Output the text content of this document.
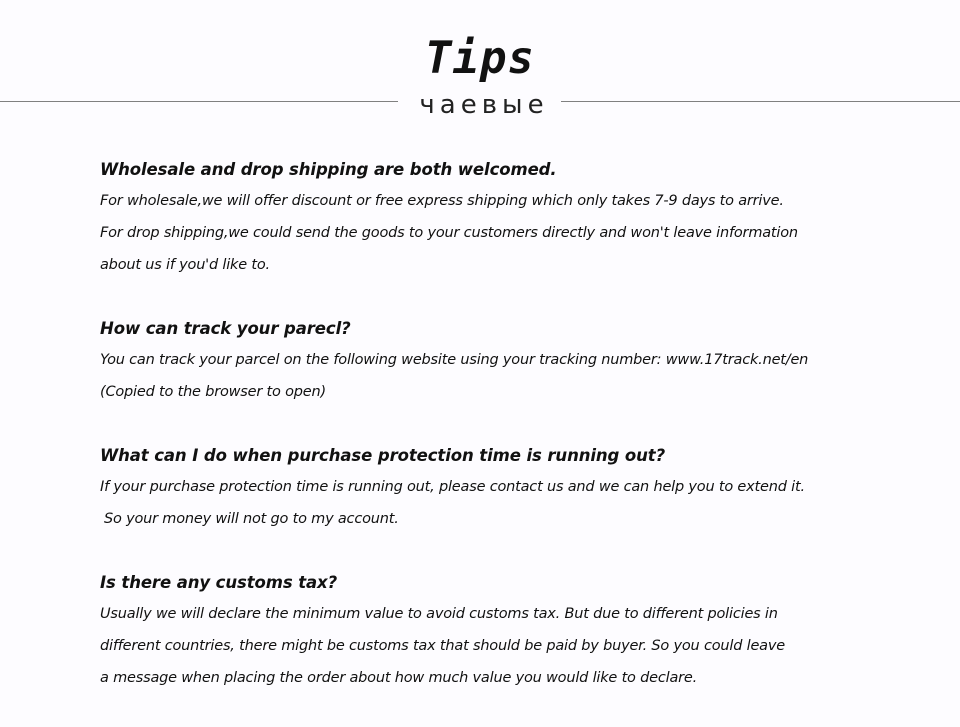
Tips
чаевые
Wholesale and drop shipping are both welcomed.
For wholesale,we will offer discount or free express shipping which only takes 7-9 days to arrive.
For drop shipping,we could send the goods to your customers directly and won't leave information
about us if you'd like to.
How can track your parecl?
You can track your parcel on the following website using your tracking number: www.17track.net/en
(Copied to the browser to open)
What can I do when purchase protection time is running out?
If your purchase protection time is running out, please contact us and we can help you to extend it.
So your money will not go to my account.
Is there any customs tax?
Usually we will declare the minimum value to avoid customs tax. But due to different policies in
different countries, there might be customs tax that should be paid by buyer. So you could leave
a message when placing the order about how much value you would like to declare.
